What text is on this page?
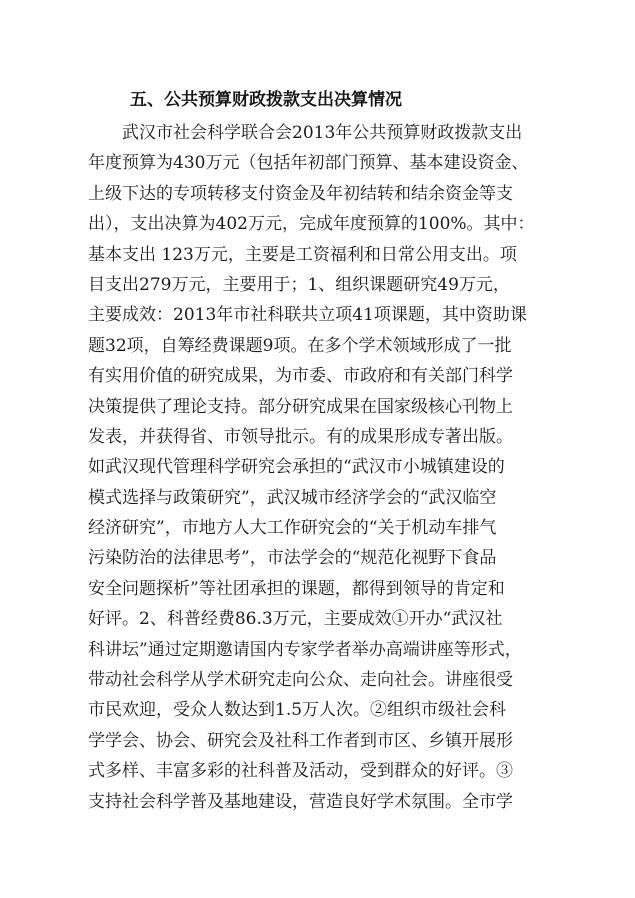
五、公共预算财政拨款支出决算情况
　　武汉市社会科学联合会2013年公共预算财政拨款支出
年度预算为430万元（包括年初部门预算、基本建设资金、
上级下达的专项转移支付资金及年初结转和结余资金等支
出），支出决算为402万元，完成年度预算的100%。其中：
基本支出 123万元，主要是工资福利和日常公用支出。项
目支出279万元，主要用于；1、组织课题研究49万元，
主要成效：2013年市社科联共立项41项课题，其中资助课
题32项，自筹经费课题9项。在多个学术领域形成了一批
有实用价值的研究成果，为市委、市政府和有关部门科学
决策提供了理论支持。部分研究成果在国家级核心刊物上
发表，并获得省、市领导批示。有的成果形成专著出版。
如武汉现代管理科学研究会承担的“武汉市小城镇建设的
模式选择与政策研究”，武汉城市经济学会的“武汉临空
经济研究”，市地方人大工作研究会的“关于机动车排气
污染防治的法律思考”，市法学会的“规范化视野下食品
安全问题探析”等社团承担的课题，都得到领导的肯定和
好评。2、科普经费86.3万元，主要成效①开办“武汉社
科讲坛”通过定期邀请国内专家学者举办高端讲座等形式，
带动社会科学从学术研究走向公众、走向社会。讲座很受
市民欢迎，受众人数达到1.5万人次。②组织市级社会科
学学会、协会、研究会及社科工作者到市区、乡镇开展形
式多样、丰富多彩的社科普及活动，受到群众的好评。③
支持社会科学普及基地建设，营造良好学术氛围。全市学
